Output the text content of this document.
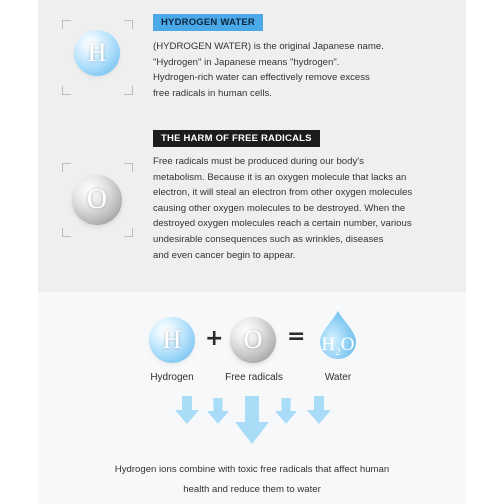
H
HYDROGEN WATER
(HYDROGEN WATER) is the original Japanese name.
"Hydrogen" in Japanese means "hydrogen".
Hydrogen-rich water can effectively remove excess
free radicals in human cells.
O
THE HARM OF FREE RADICALS
Free radicals must be produced during our body's
metabolism. Because it is an oxygen molecule that lacks an
electron, it will steal an electron from other oxygen molecules
causing other oxygen molecules to be destroyed. When the
destroyed oxygen molecules reach a certain number, various
undesirable consequences such as wrinkles, diseases
and even cancer begin to appear.
$H + O = H_2O$
Hydrogen	Free radicals	Water
Hydrogen ions combine with toxic free radicals that affect human
health and reduce them to water
